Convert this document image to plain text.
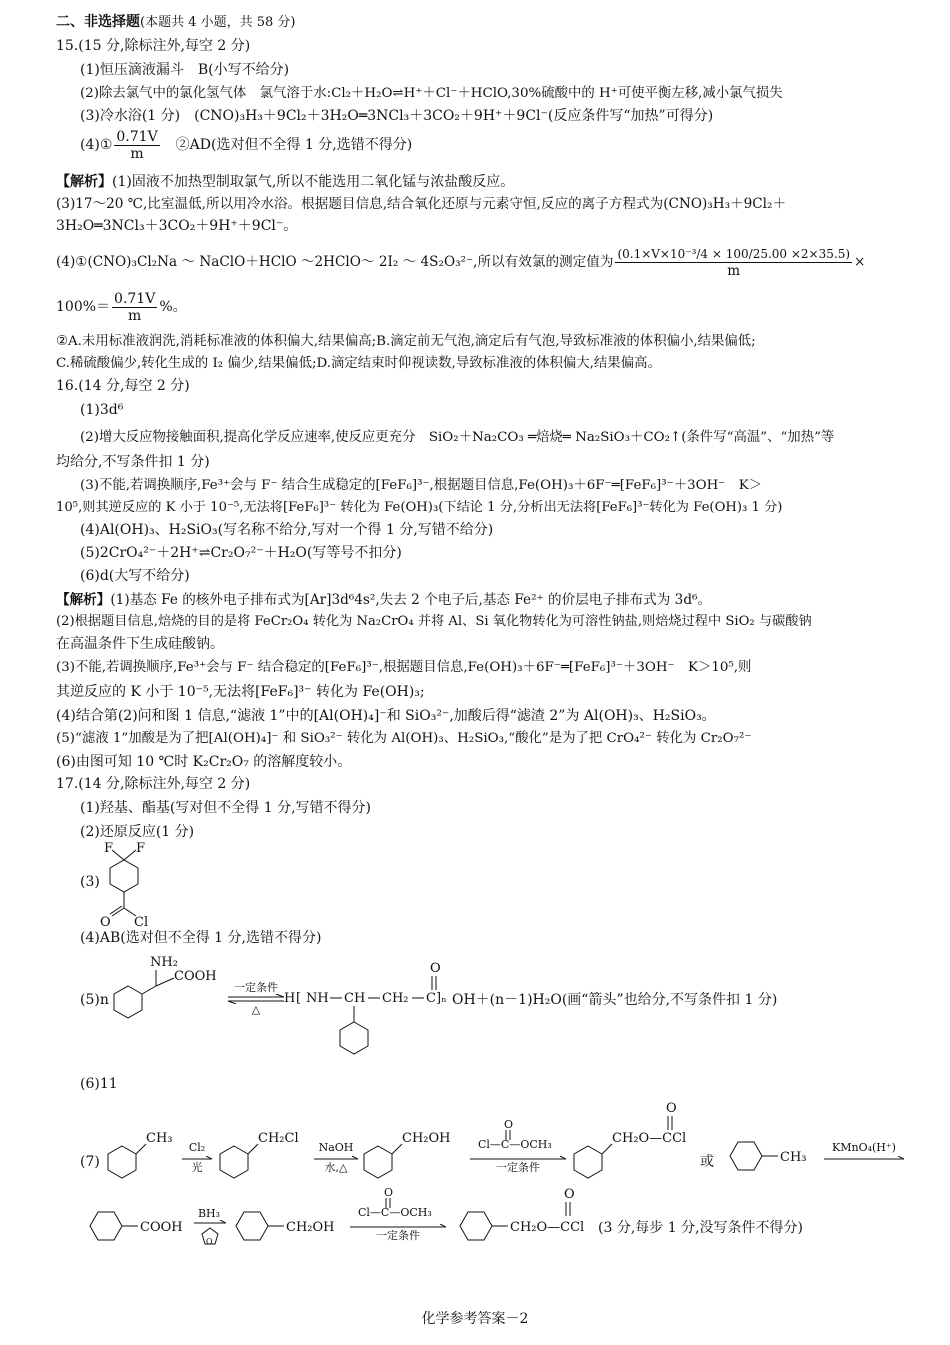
二、非选择题(本题共 4 小题，共 58 分)
15.(15 分,除标注外,每空 2 分)
(1)恒压滴液漏斗　B(小写不给分)
(2)除去氯气中的氯化氢气体　氯气溶于水:Cl₂＋H₂O⇌H⁺＋Cl⁻＋HClO,30%硫酸中的 H⁺可使平衡左移,减小氯气损失
(3)冷水浴(1 分)　(CNO)₃H₃＋9Cl₂＋3H₂O═3NCl₃＋3CO₂＋9H⁺＋9Cl⁻(反应条件写“加热”可得分)
(4)① $\frac{0.71V}{m}$ 　②AD(选对但不全得 1 分,选错不得分)
【解析】(1)固液不加热型制取氯气,所以不能选用二氧化锰与浓盐酸反应。
(3)17～20 ℃,比室温低,所以用冷水浴。根据题目信息,结合氧化还原与元素守恒,反应的离子方程式为(CNO)₃H₃＋9Cl₂＋
3H₂O═3NCl₃＋3CO₂＋9H⁺＋9Cl⁻。
(4)①(CNO)₃Cl₂Na ～ NaClO＋HClO ～2HClO～ 2I₂ ～ 4S₂O₃²⁻,所以有效氯的测定值为 $\frac{\text{(0.1×V×10⁻³/4 × 100/25.00 ×2×35.5)}}{m}$ ×
$100\%= \frac{0.71V}{m}$ %。
②A.未用标准液润洗,消耗标准液的体积偏大,结果偏高;B.滴定前无气泡,滴定后有气泡,导致标准液的体积偏小,结果偏低;
C.稀硫酸偏少,转化生成的 I₂ 偏少,结果偏低;D.滴定结束时仰视读数,导致标准液的体积偏大,结果偏高。
16.(14 分,每空 2 分)
(1)3d⁶
(2)增大反应物接触面积,提高化学反应速率,使反应更充分　SiO₂＋Na₂CO₃ ═焙烧═ Na₂SiO₃＋CO₂↑(条件写“高温”、“加热”等
均给分,不写条件扣 1 分)
(3)不能,若调换顺序,Fe³⁺会与 F⁻ 结合生成稳定的[FeF₆]³⁻,根据题目信息,Fe(OH)₃＋6F⁻═[FeF₆]³⁻＋3OH⁻　K＞
10⁵,则其逆反应的 K 小于 10⁻⁵,无法将[FeF₆]³⁻ 转化为 Fe(OH)₃(下结论 1 分,分析出无法将[FeF₆]³⁻转化为 Fe(OH)₃ 1 分)
(4)Al(OH)₃、H₂SiO₃(写名称不给分,写对一个得 1 分,写错不给分)
(5)2CrO₄²⁻＋2H⁺⇌Cr₂O₇²⁻＋H₂O(写等号不扣分)
(6)d(大写不给分)
【解析】(1)基态 Fe 的核外电子排布式为[Ar]3d⁶4s²,失去 2 个电子后,基态 Fe²⁺ 的价层电子排布式为 3d⁶。
(2)根据题目信息,焙烧的目的是将 FeCr₂O₄ 转化为 Na₂CrO₄ 并将 Al、Si 氧化物转化为可溶性钠盐,则焙烧过程中 SiO₂ 与碳酸钠
在高温条件下生成硅酸钠。
(3)不能,若调换顺序,Fe³⁺会与 F⁻ 结合稳定的[FeF₆]³⁻,根据题目信息,Fe(OH)₃＋6F⁻═[FeF₆]³⁻＋3OH⁻　K＞10⁵,则
其逆反应的 K 小于 10⁻⁵,无法将[FeF₆]³⁻ 转化为 Fe(OH)₃;
(4)结合第(2)问和图 1 信息,“滤液 1”中的[Al(OH)₄]⁻和 SiO₃²⁻,加酸后得“滤渣 2”为 Al(OH)₃、H₂SiO₃。
(5)“滤液 1”加酸是为了把[Al(OH)₄]⁻ 和 SiO₃²⁻ 转化为 Al(OH)₃、H₂SiO₃,“酸化”是为了把 CrO₄²⁻ 转化为 Cr₂O₇²⁻
(6)由图可知 10 ℃时 K₂Cr₂O₇ 的溶解度较小。
17.(14 分,除标注外,每空 2 分)
(1)羟基、酯基(写对但不全得 1 分,写错不得分)
(2)还原反应(1 分)
(3)
F F
O Cl
(4)AB(选对但不全得 1 分,选错不得分)
(5)n
NH₂
COOH
一定条件
△
H [ NH CH CH₂ C ]ₙ
O
OH＋(n－1)H₂O(画“箭头”也给分,不写条件扣 1 分)
(6)11
(7)
CH₃
Cl₂
光
CH₂Cl
NaOH
水,△
CH₂OH
O
Cl—C—OCH₃
一定条件
CH₂O—CCl
O
或	CH₃
KMnO₄(H⁺)
COOH
BH₃
O
CH₂OH
O
Cl—C—OCH₃
一定条件
CH₂O—CCl
O
(3 分,每步 1 分,没写条件不得分)
化学参考答案－2
